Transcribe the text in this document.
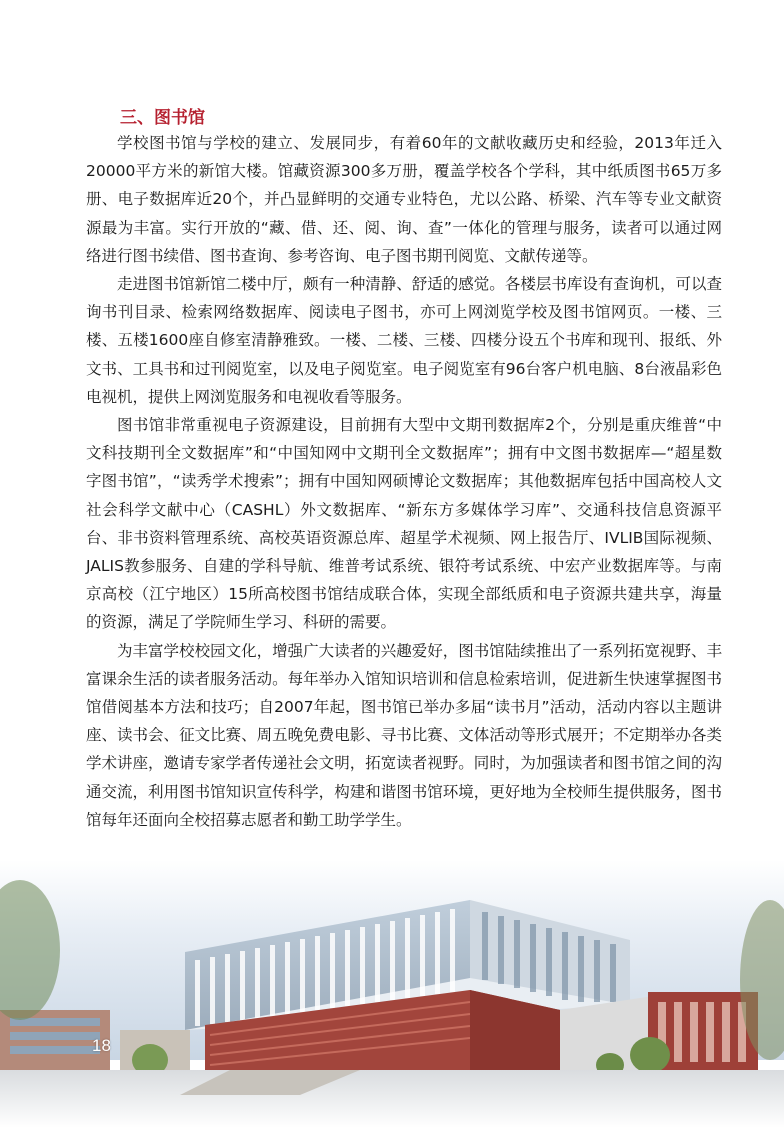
三、图书馆

学校图书馆与学校的建立、发展同步，有着60年的文献收藏历史和经验，2013年迁入20000平方米的新馆大楼。馆藏资源300多万册，覆盖学校各个学科，其中纸质图书65万多册、电子数据库近20个，并凸显鲜明的交通专业特色，尤以公路、桥梁、汽车等专业文献资源最为丰富。实行开放的“藏、借、还、阅、询、查”一体化的管理与服务，读者可以通过网络进行图书续借、图书查询、参考咨询、电子图书期刊阅览、文献传递等。

走进图书馆新馆二楼中厅，颇有一种清静、舒适的感觉。各楼层书库设有查询机，可以查询书刊目录、检索网络数据库、阅读电子图书，亦可上网浏览学校及图书馆网页。一楼、三楼、五楼1600座自修室清静雅致。一楼、二楼、三楼、四楼分设五个书库和现刊、报纸、外文书、工具书和过刊阅览室，以及电子阅览室。电子阅览室有96台客户机电脑、8台液晶彩色电视机，提供上网浏览服务和电视收看等服务。

图书馆非常重视电子资源建设，目前拥有大型中文期刊数据库2个，分别是重庆维普“中文科技期刊全文数据库”和“中国知网中文期刊全文数据库”；拥有中文图书数据库—“超星数字图书馆”，“读秀学术搜索”；拥有中国知网硕博论文数据库；其他数据库包括中国高校人文社会科学文献中心（CASHL）外文数据库、“新东方多媒体学习库”、交通科技信息资源平台、非书资料管理系统、高校英语资源总库、超星学术视频、网上报告厅、IVLIB国际视频、JALIS教参服务、自建的学科导航、维普考试系统、银符考试系统、中宏产业数据库等。与南京高校（江宁地区）15所高校图书馆结成联合体，实现全部纸质和电子资源共建共享，海量的资源，满足了学院师生学习、科研的需要。

为丰富学校校园文化，增强广大读者的兴趣爱好，图书馆陆续推出了一系列拓宽视野、丰富课余生活的读者服务活动。每年举办入馆知识培训和信息检索培训，促进新生快速掌握图书馆借阅基本方法和技巧；自2007年起，图书馆已举办多届“读书月”活动，活动内容以主题讲座、读书会、征文比赛、周五晚免费电影、寻书比赛、文体活动等形式展开；不定期举办各类学术讲座，邀请专家学者传递社会文明，拓宽读者视野。同时，为加强读者和图书馆之间的沟通交流，利用图书馆知识宣传科学，构建和谐图书馆环境，更好地为全校师生提供服务，图书馆每年还面向全校招募志愿者和勤工助学学生。

18
